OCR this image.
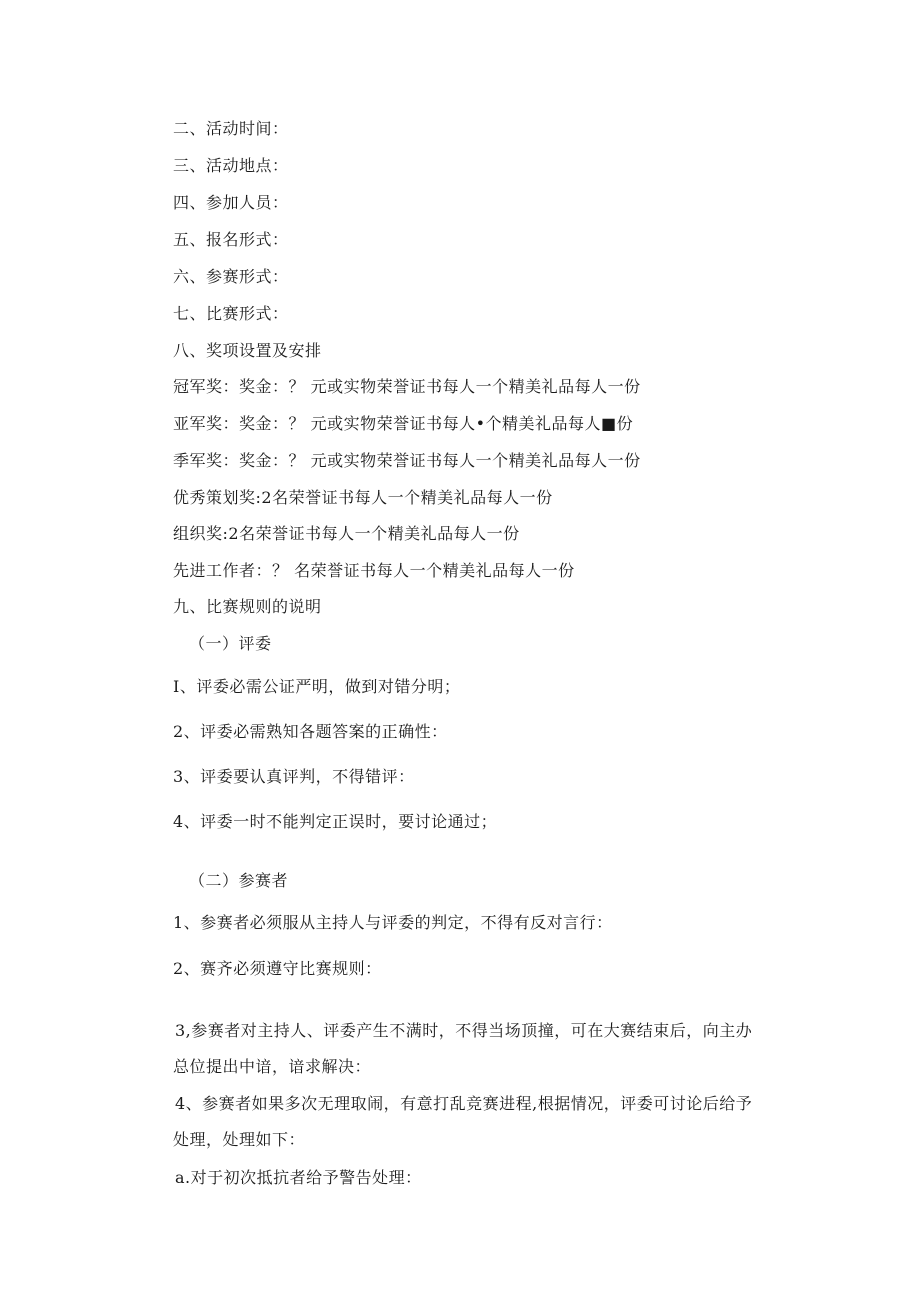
二、活动时间：
三、活动地点：
四、参加人员：
五、报名形式：
六、参赛形式：
七、比赛形式：
八、奖项设置及安排
冠军奖：奖金：？ 元或实物荣誉证书每人一个精美礼品每人一份
亚军奖：奖金：？ 元或实物荣誉证书每人•个精美礼品每人■份
季军奖：奖金：？ 元或实物荣誉证书每人一个精美礼品每人一份
优秀策划奖:2名荣誉证书每人一个精美礼品每人一份
组织奖:2名荣誉证书每人一个精美礼品每人一份
先进工作者：？ 名荣誉证书每人一个精美礼品每人一份
九、比赛规则的说明
（一）评委
I、评委必需公证严明，做到对错分明；
2、评委必需熟知各题答案的正确性：
3、评委要认真评判，不得错评：
4、评委一时不能判定正误时，要讨论通过；
（二）参赛者
1、参赛者必须服从主持人与评委的判定，不得有反对言行：
2、赛齐必须遵守比赛规则：
3,参赛者对主持人、评委产生不满时，不得当场顶撞，可在大赛结束后，向主办
总位提出中谙，谙求解决：
4、参赛者如果多次无理取闹，有意打乱竞赛进程,根据情况，评委可讨论后给予
处理，处理如下：
a.对于初次抵抗者给予警告处理：
